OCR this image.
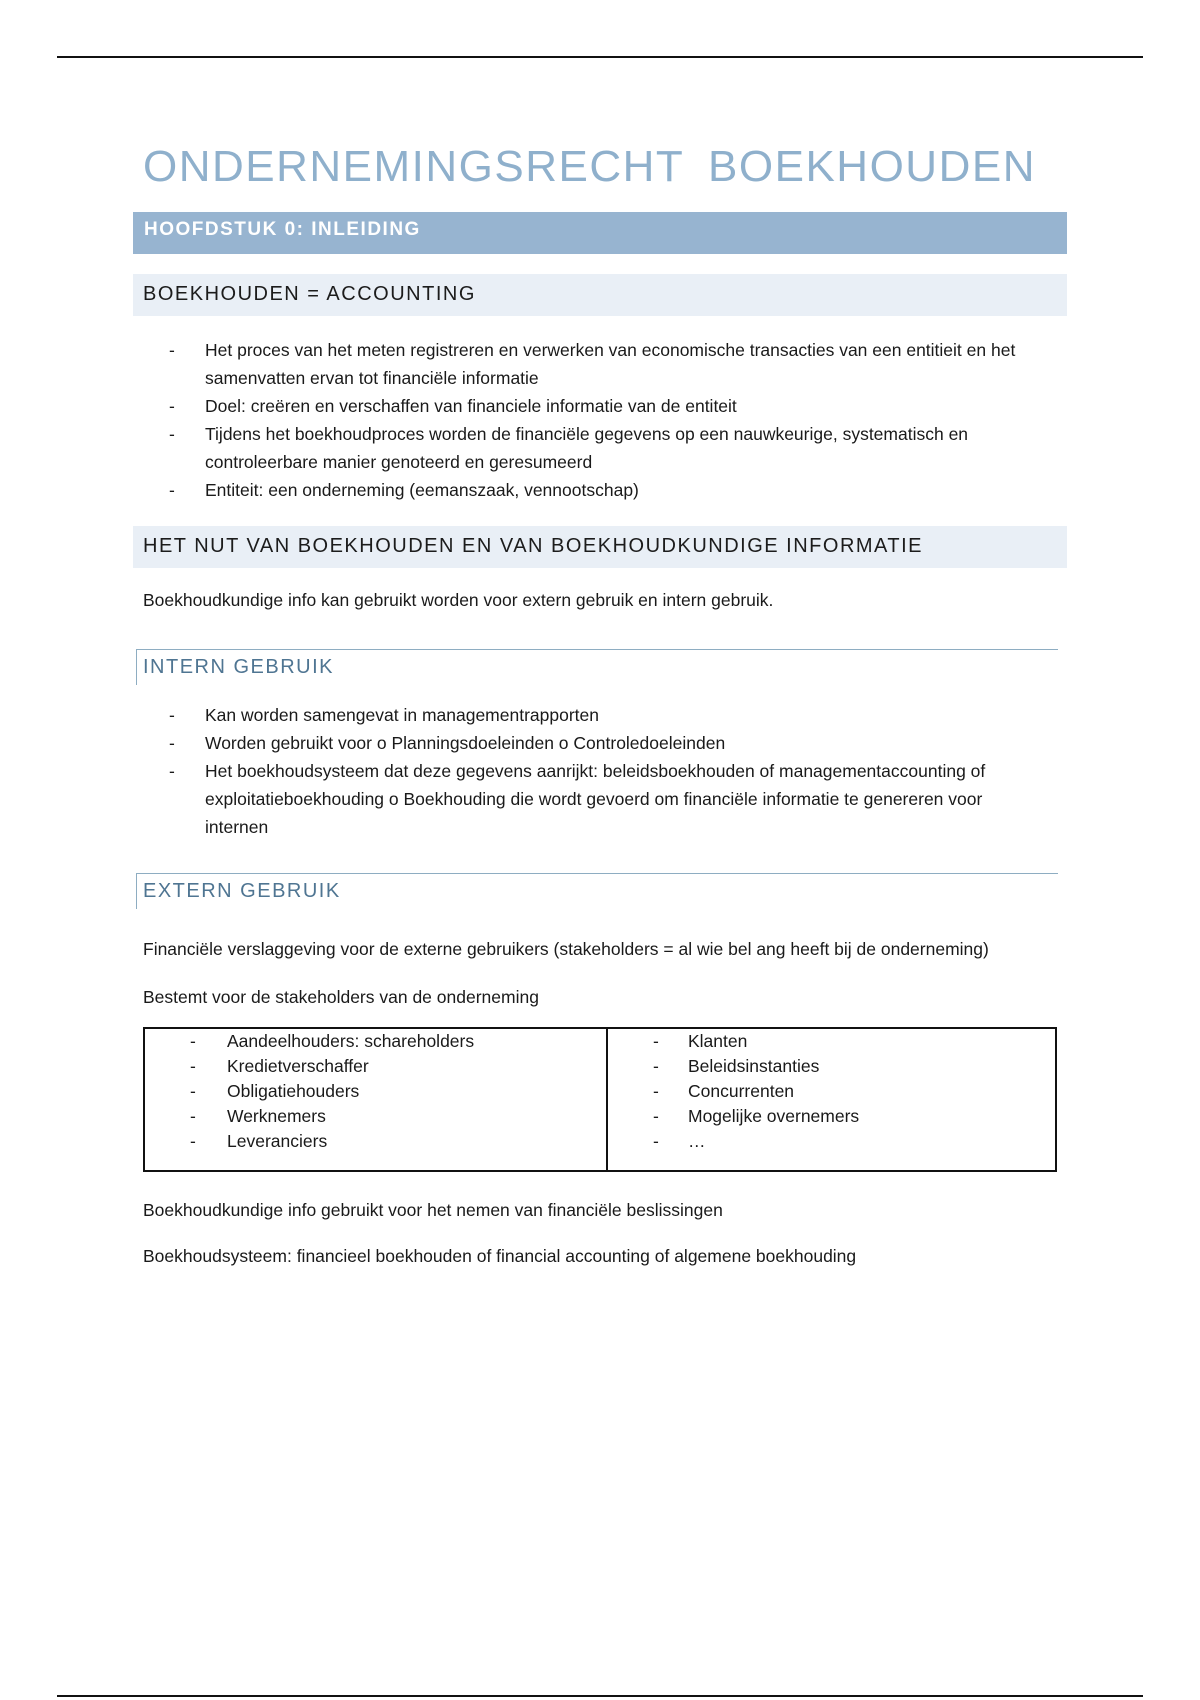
ONDERNEMINGSRECHT BOEKHOUDEN
HOOFDSTUK 0: INLEIDING
BOEKHOUDEN = ACCOUNTING
- Het proces van het meten registreren en verwerken van economische transacties van een entitieit en het samenvatten ervan tot financiële informatie
- Doel: creëren en verschaffen van financiele informatie van de entiteit
- Tijdens het boekhoudproces worden de financiële gegevens op een nauwkeurige, systematisch en controleerbare manier genoteerd en geresumeerd
- Entiteit: een onderneming (eemanszaak, vennootschap)
HET NUT VAN BOEKHOUDEN EN VAN BOEKHOUDKUNDIGE INFORMATIE

Boekhoudkundige info kan gebruikt worden voor extern gebruik en intern gebruik.

INTERN GEBRUIK
- Kan worden samengevat in managementrapporten
- Worden gebruikt voor o Planningsdoeleinden o Controledoeleinden
- Het boekhoudsysteem dat deze gegevens aanrijkt: beleidsboekhouden of managementaccounting of exploitatieboekhouding o Boekhouding die wordt gevoerd om financiële informatie te genereren voor internen
EXTERN GEBRUIK

Financiële verslaggeving voor de externe gebruikers (stakeholders = al wie bel ang heeft bij de onderneming)

Bestemt voor de stakeholders van de onderneming

- Aandeelhouders: schareholders
- Kredietverschaffer
- Obligatiehouders
- Werknemers
- Leveranciers
- Klanten
- Beleidsinstanties
- Concurrenten
- Mogelijke overnemers
- …

Boekhoudkundige info gebruikt voor het nemen van financiële beslissingen

Boekhoudsysteem: financieel boekhouden of financial accounting of algemene boekhouding
